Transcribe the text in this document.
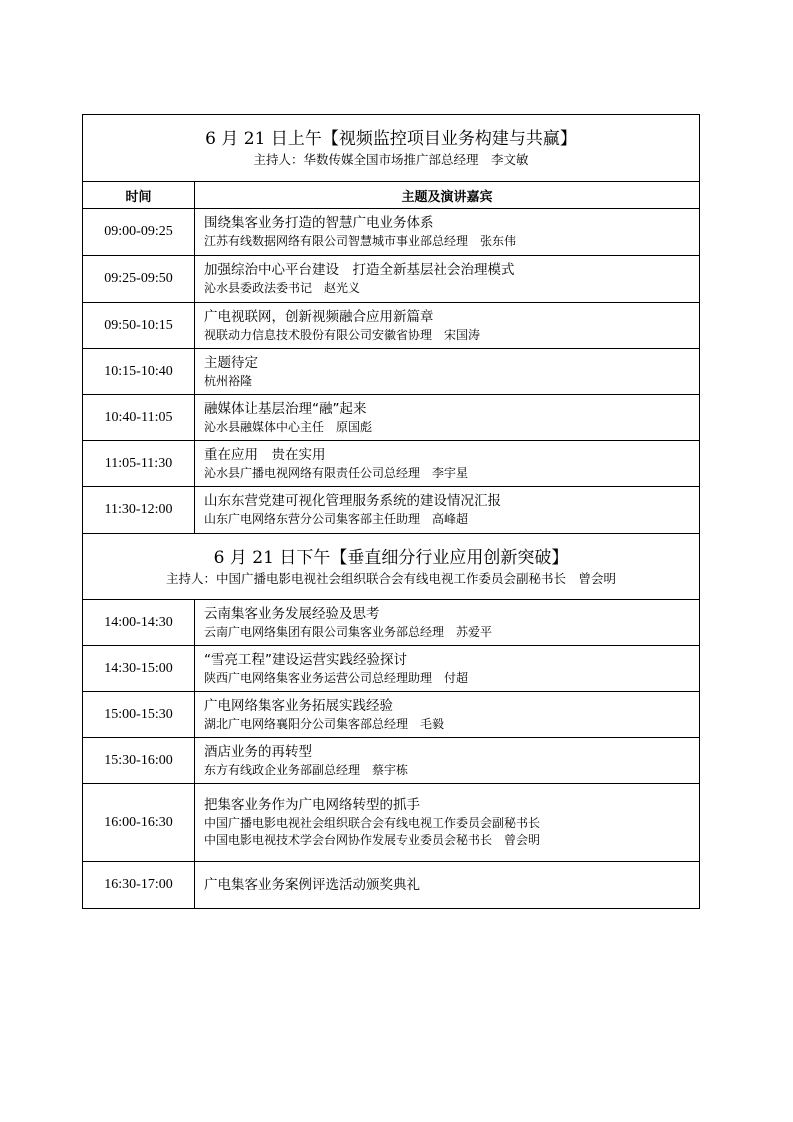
6 月 21 日上午【视频监控项目业务构建与共赢】
主持人：华数传媒全国市场推广部总经理　李文敏	

时间	主题及演讲嘉宾
09:00-09:25	围绕集客业务打造的智慧广电业务体系
江苏有线数据网络有限公司智慧城市事业部总经理　张东伟

09:25-09:50	加强综治中心平台建设　打造全新基层社会治理模式
沁水县委政法委书记　赵光义

09:50-10:15	广电视联网，创新视频融合应用新篇章
视联动力信息技术股份有限公司安徽省协理　宋国涛

10:15-10:40	主题待定
杭州裕隆

10:40-11:05	融媒体让基层治理“融”起来
沁水县融媒体中心主任　原国彪

11:05-11:30	重在应用　贵在实用
沁水县广播电视网络有限责任公司总经理　李宇星

11:30-12:00	山东东营党建可视化管理服务系统的建设情况汇报
山东广电网络东营分公司集客部主任助理　高峰超

6 月 21 日下午【垂直细分行业应用创新突破】
主持人：中国广播电影电视社会组织联合会有线电视工作委员会副秘书长　曾会明	

14:00-14:30	云南集客业务发展经验及思考
云南广电网络集团有限公司集客业务部总经理　苏爱平

14:30-15:00	“雪亮工程”建设运营实践经验探讨
陕西广电网络集客业务运营公司总经理助理　付超

15:00-15:30	广电网络集客业务拓展实践经验
湖北广电网络襄阳分公司集客部总经理　毛毅

15:30-16:00	酒店业务的再转型
东方有线政企业务部副总经理　蔡宇栋

16:00-16:30	把集客业务作为广电网络转型的抓手
中国广播电影电视社会组织联合会有线电视工作委员会副秘书长
中国电影电视技术学会台网协作发展专业委员会秘书长　曾会明

16:30-17:00	广电集客业务案例评选活动颁奖典礼
